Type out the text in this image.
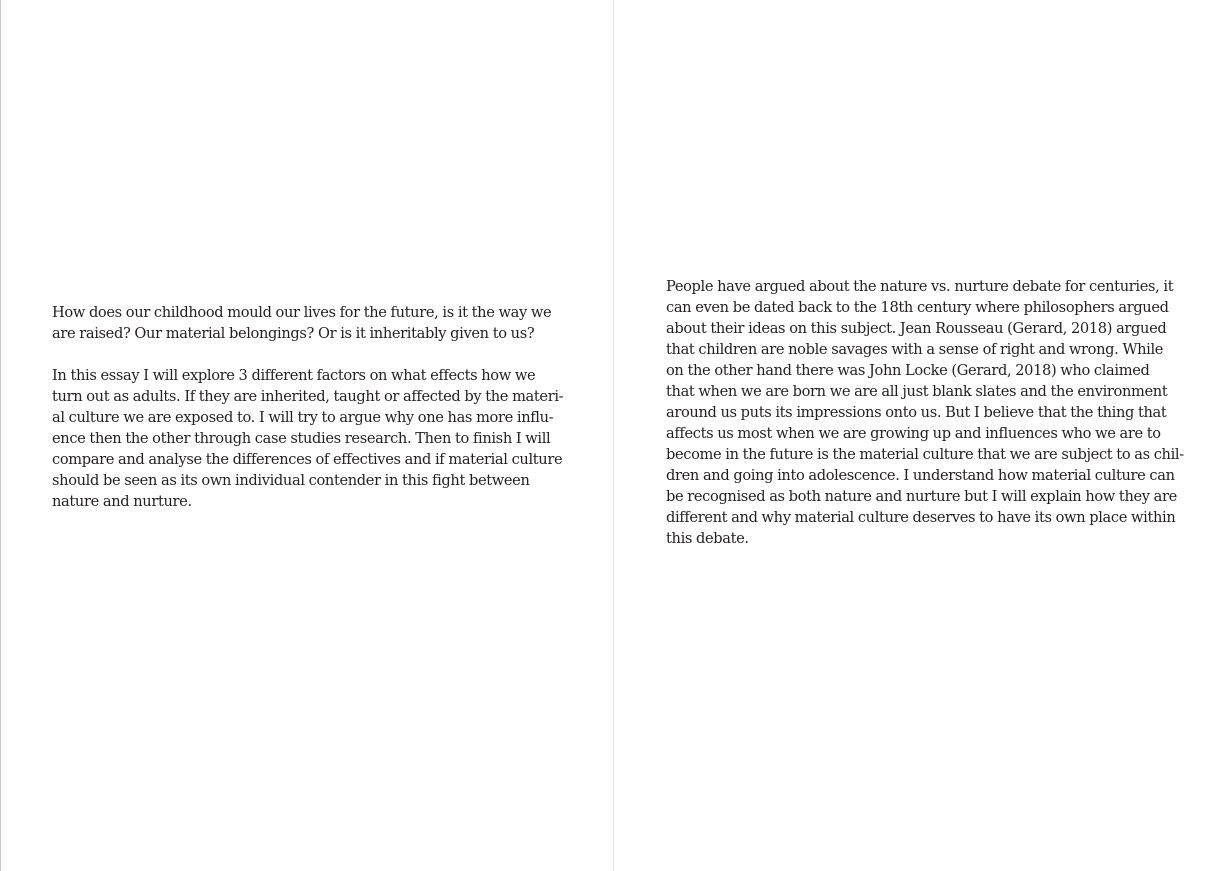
How does our childhood mould our lives for the future, is it the way we
are raised? Our material belongings? Or is it inheritably given to us?

In this essay I will explore 3 different factors on what effects how we
turn out as adults. If they are inherited, taught or affected by the materi-
al culture we are exposed to. I will try to argue why one has more influ-
ence then the other through case studies research. Then to finish I will
compare and analyse the differences of effectives and if material culture
should be seen as its own individual contender in this fight between
nature and nurture.

People have argued about the nature vs. nurture debate for centuries, it
can even be dated back to the 18th century where philosophers argued
about their ideas on this subject. Jean Rousseau (Gerard, 2018) argued
that children are noble savages with a sense of right and wrong. While
on the other hand there was John Locke (Gerard, 2018) who claimed
that when we are born we are all just blank slates and the environment
around us puts its impressions onto us. But I believe that the thing that
affects us most when we are growing up and influences who we are to
become in the future is the material culture that we are subject to as chil-
dren and going into adolescence. I understand how material culture can
be recognised as both nature and nurture but I will explain how they are
different and why material culture deserves to have its own place within
this debate.
